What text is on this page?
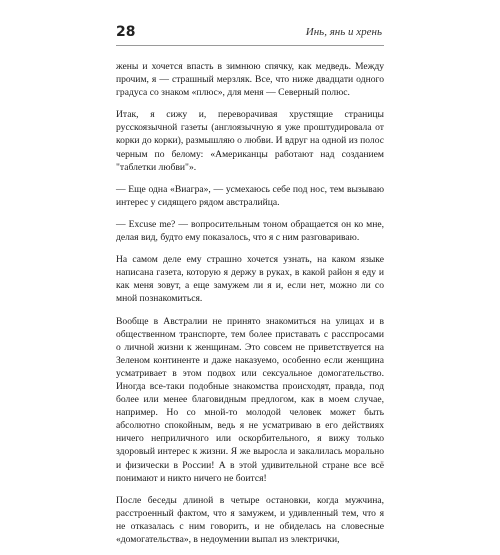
28	Инь, янь и хрень

жены и хочется впасть в зимнюю спячку, как медведь. Между прочим, я — страшный мерзляк. Все, что ниже двадцати одного градуса со знаком «плюс», для меня — Северный полюс.

Итак, я сижу и, переворачивая хрустящие страницы русскоязычной газеты (англоязычную я уже проштудировала от корки до корки), размышляю о любви. И вдруг на одной из полос черным по белому: «Американцы работают над созданием "таблетки любви"».

— Еще одна «Виагра», — усмехаюсь себе под нос, тем вызываю интерес у сидящего рядом австралийца.

— Excuse me? — вопросительным тоном обращается он ко мне, делая вид, будто ему показалось, что я с ним разговариваю.

На самом деле ему страшно хочется узнать, на каком языке написана газета, которую я держу в руках, в какой район я еду и как меня зовут, а еще замужем ли я и, если нет, можно ли со мной познакомиться.

Вообще в Австралии не принято знакомиться на улицах и в общественном транспорте, тем более приставать с расспросами о личной жизни к женщинам. Это совсем не приветствуется на Зеленом континенте и даже наказуемо, особенно если женщина усматривает в этом подвох или сексуальное домогательство. Иногда все-таки подобные знакомства происходят, правда, под более или менее благовидным предлогом, как в моем случае, например. Но со мной-то молодой человек может быть абсолютно спокойным, ведь я не усматриваю в его действиях ничего неприличного или оскорбительного, я вижу только здоровый интерес к жизни. Я же выросла и закалилась морально и физически в России! А в этой удивительной стране все всё понимают и никто ничего не боится!

После беседы длиной в четыре остановки, когда мужчина, расстроенный фактом, что я замужем, и удивленный тем, что я не отказалась с ним говорить, и не обиделась на словесные «домогательства», в недоумении выпал из электрички,
